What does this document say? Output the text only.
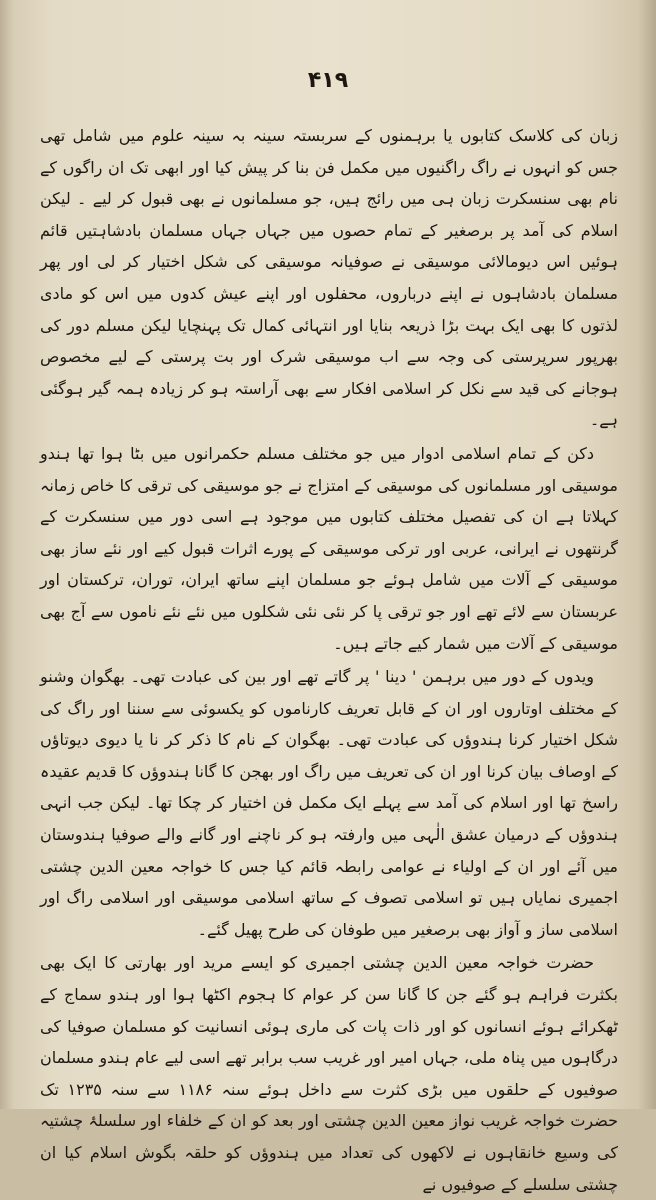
۴۱۹

زبان کی کلاسک کتابوں یا برہمنوں کے سربستہ سینہ بہ سینہ علوم میں شامل تھی جس کو انہوں نے راگ راگنیوں میں مکمل فن بنا کر پیش کیا اور ابھی تک ان راگوں کے نام بھی سنسکرت زبان ہی میں رائج ہیں، جو مسلمانوں نے بھی قبول کر لیے ۔ لیکن اسلام کی آمد پر برصغیر کے تمام حصوں میں جہاں جہاں مسلمان بادشاہتیں قائم ہوئیں اس دیومالائی موسیقی نے صوفیانہ موسیقی کی شکل اختیار کر لی اور پھر مسلمان بادشاہوں نے اپنے درباروں، محفلوں اور اپنے عیش کدوں میں اس کو مادی لذتوں کا بھی ایک بہت بڑا ذریعہ بنایا اور انتہائی کمال تک پہنچایا لیکن مسلم دور کی بھرپور سرپرستی کی وجہ سے اب موسیقی شرک اور بت پرستی کے لیے مخصوص ہوجانے کی قید سے نکل کر اسلامی افکار سے بھی آراستہ ہو کر زیادہ ہمہ گیر ہوگئی ہے۔

دکن کے تمام اسلامی ادوار میں جو مختلف مسلم حکمرانوں میں بٹا ہوا تھا ہندو موسیقی اور مسلمانوں کی موسیقی کے امتزاج نے جو موسیقی کی ترقی کا خاص زمانہ کہلاتا ہے ان کی تفصیل مختلف کتابوں میں موجود ہے اسی دور میں سنسکرت کے گرنتھوں نے ایرانی، عربی اور ترکی موسیقی کے پورے اثرات قبول کیے اور نئے ساز بھی موسیقی کے آلات میں شامل ہوئے جو مسلمان اپنے ساتھ ایران، توران، ترکستان اور عربستان سے لائے تھے اور جو ترقی پا کر نئی نئی شکلوں میں نئے نئے ناموں سے آج بھی موسیقی کے آلات میں شمار کیے جاتے ہیں۔

ویدوں کے دور میں برہمن ' دینا ' پر گاتے تھے اور بین کی عبادت تھی۔ بھگوان وشنو کے مختلف اوتاروں اور ان کے قابل تعریف کارناموں کو یکسوئی سے سننا اور راگ کی شکل اختیار کرنا ہندوؤں کی عبادت تھی۔ بھگوان کے نام کا ذکر کر نا یا دیوی دیوتاؤں کے اوصاف بیان کرنا اور ان کی تعریف میں راگ اور بھجن کا گانا ہندوؤں کا قدیم عقیدہ راسخ تھا اور اسلام کی آمد سے پہلے ایک مکمل فن اختیار کر چکا تھا۔ لیکن جب انہی ہندوؤں کے درمیان عشق الٰہی میں وارفتہ ہو کر ناچنے اور گانے والے صوفیا ہندوستان میں آئے اور ان کے اولیاء نے عوامی رابطہ قائم کیا جس کا خواجہ معین الدین چشتی اجمیری نمایاں ہیں تو اسلامی تصوف کے ساتھ اسلامی موسیقی اور اسلامی راگ اور اسلامی ساز و آواز بھی برصغیر میں طوفان کی طرح پھیل گئے۔

حضرت خواجہ معین الدین چشتی اجمیری کو ایسے مرید اور بھارتی کا ایک بھی بکثرت فراہم ہو گئے جن کا گانا سن کر عوام کا ہجوم اکٹھا ہوا اور ہندو سماج کے ٹھکرائے ہوئے انسانوں کو اور ذات پات کی ماری ہوئی انسانیت کو مسلمان صوفیا کی درگاہوں میں پناہ ملی، جہاں امیر اور غریب سب برابر تھے اسی لیے عام ہندو مسلمان صوفیوں کے حلقوں میں بڑی کثرت سے داخل ہوئے سنہ ۱۱۸۶ سے سنہ ۱۲۳۵ تک حضرت خواجہ غریب نواز معین الدین چشتی اور بعد کو ان کے خلفاء اور سلسلۂ چشتیہ کی وسیع خانقاہوں نے لاکھوں کی تعداد میں ہندوؤں کو حلقہ بگوش اسلام کیا ان چشتی سلسلے کے صوفیوں نے
